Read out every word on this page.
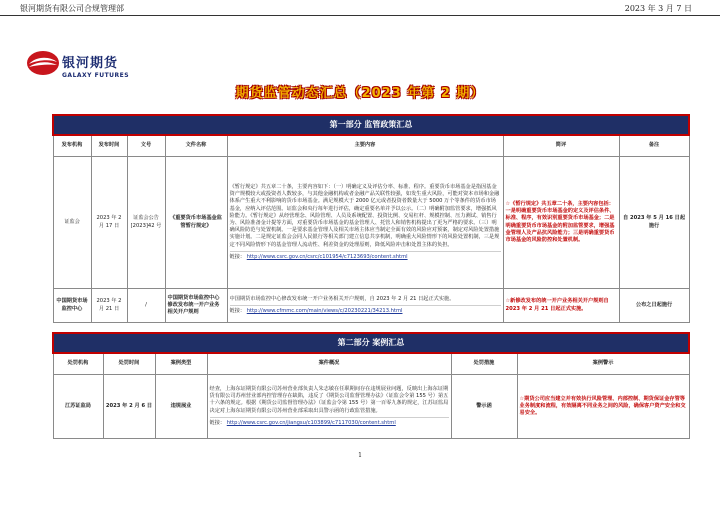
银河期货有限公司合规管理部	2023 年 3 月 7 日
银河期货
GALAXY FUTURES
期货监管动态汇总（2023 年第 2 期）
第一部分 监管政策汇总						
发布机构	发布时间	文号	文件名称	主要内容	简评	备注
证监会	2023 年 2 月 17 日	证监会公告[2023]42 号	《重要货币市场基金监管暂行规定》	《暂行规定》共五章二十条，主要内容如下：（一）明确定义及评估分率、标准、程序。重要货币市场基金是指因基金资产规模较大或投资者人数较多，与其他金融机构或者金融产品关联性较强，如发生重大风险，可能对资本市场和金融体系产生重大不利影响的货币市场基金。满足规模大于 2000 亿元或者投资者数量大于 5000 万个等条件的货币市场基金，应纳入评估范围。证监会和央行每年进行评估，确定重要名单并予以公示。（二）明确附加监管要求，增强抵风险能力。《暂行规定》从经营理念、风险管理、人员及系统配置、投资比例、交易杠杆、规模控制、压力测试、销售行为、风险准备金计提等方面，对重要货币市场基金的基金管理人、托管人和销售机构提出了更为严格的要求。（三）明确风险防范与处置机制。一是要求基金管理人及相关市场主体应当制定全面有效的风险应对预案，制定对风险处置措施实施计划。二是规定证监会会同人民银行等相关部门建立信息共享机制，明确重大风险情形下的风险处置机制，三是规定不同风险情形下的基金管理人流动性、利差资金的处理原则，降低风险冲击和处置主体的负担。
链接： http://www.csrc.gov.cn/csrc/c101954/c7123693/content.shtml	☆《暂行规定》共五章二十条，主要内容包括：一是明确重要货币市场基金的定义及评估条件、标准、程序，有效识别重要货币市场基金；二是明确重要货币市场基金的附加监管要求，增强基金管理人及产品抗风险能力；三是明确重要货币市场基金的风险防控和处置机制。	自 2023 年 5 月 16 日起施行
中国期货市场监控中心	2023 年 2 月 21 日	/	中国期货市场监控中心修改发布统一开户业务相关开户规则	中国期货市场监控中心修改发布统一开户业务相关开户规则，自 2023 年 2 月 21 日起正式实施。
链接： http://www.cfmmc.com/main/views/c/20230221/34213.html	☆新修改发布的统一开户业务相关开户规则自 2023 年 2 月 21 日起正式实施。	公布之日起施行
第二部分 案例汇总					
处罚机构	处罚时间	案例类型	案件概况	处罚措施	案例警示
江苏证监局	2023 年 2 月 6 日	违规展业	经查，上海东证期货有限公司苏州营业部负责人朱志敏在任职期间存在违规展业问题，反映出上海东证期货有限公司苏州营业部内控管理存在缺陷，违反了《期货公司监督管理办法》（证监会令第 155 号）第五十六条的规定。根据《期货公司监督管理办法》（证监会令第 155 号）第一百零九条的规定，江苏证监局决定对上海东证期货有限公司苏州营业部采取出具警示函的行政监管措施。
链接： http://www.csrc.gov.cn/jiangsu/c103899/c7117030/content.shtml	警示函	☆期货公司应当建立并有效执行风险管理、内部控制、期货保证金存管等业务制度和流程，有效隔离不同业务之间的风险，确保客户资产安全和交易安全。
1
